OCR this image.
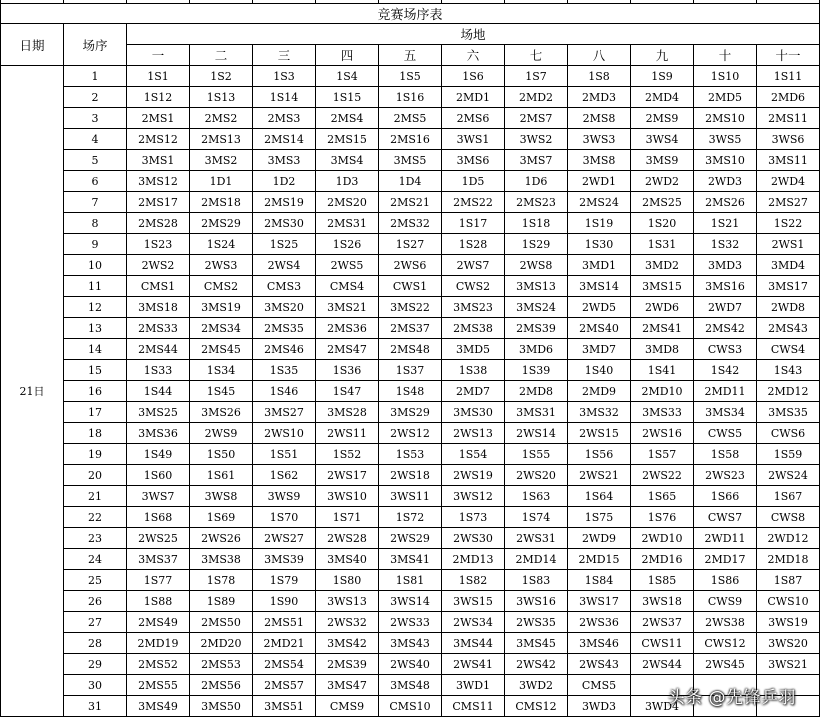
竞赛场序表												
日期	场序	场地										
		一	二	三	四	五	六	七	八	九	十	十一
21日	1	1S1	1S2	1S3	1S4	1S5	1S6	1S7	1S8	1S9	1S10	1S11
	2	1S12	1S13	1S14	1S15	1S16	2MD1	2MD2	2MD3	2MD4	2MD5	2MD6
	3	2MS1	2MS2	2MS3	2MS4	2MS5	2MS6	2MS7	2MS8	2MS9	2MS10	2MS11
	4	2MS12	2MS13	2MS14	2MS15	2MS16	3WS1	3WS2	3WS3	3WS4	3WS5	3WS6
	5	3MS1	3MS2	3MS3	3MS4	3MS5	3MS6	3MS7	3MS8	3MS9	3MS10	3MS11
	6	3MS12	1D1	1D2	1D3	1D4	1D5	1D6	2WD1	2WD2	2WD3	2WD4
	7	2MS17	2MS18	2MS19	2MS20	2MS21	2MS22	2MS23	2MS24	2MS25	2MS26	2MS27
	8	2MS28	2MS29	2MS30	2MS31	2MS32	1S17	1S18	1S19	1S20	1S21	1S22
	9	1S23	1S24	1S25	1S26	1S27	1S28	1S29	1S30	1S31	1S32	2WS1
	10	2WS2	2WS3	2WS4	2WS5	2WS6	2WS7	2WS8	3MD1	3MD2	3MD3	3MD4
	11	CMS1	CMS2	CMS3	CMS4	CWS1	CWS2	3MS13	3MS14	3MS15	3MS16	3MS17
	12	3MS18	3MS19	3MS20	3MS21	3MS22	3MS23	3MS24	2WD5	2WD6	2WD7	2WD8
	13	2MS33	2MS34	2MS35	2MS36	2MS37	2MS38	2MS39	2MS40	2MS41	2MS42	2MS43
	14	2MS44	2MS45	2MS46	2MS47	2MS48	3MD5	3MD6	3MD7	3MD8	CWS3	CWS4
	15	1S33	1S34	1S35	1S36	1S37	1S38	1S39	1S40	1S41	1S42	1S43
	16	1S44	1S45	1S46	1S47	1S48	2MD7	2MD8	2MD9	2MD10	2MD11	2MD12
	17	3MS25	3MS26	3MS27	3MS28	3MS29	3MS30	3MS31	3MS32	3MS33	3MS34	3MS35
	18	3MS36	2WS9	2WS10	2WS11	2WS12	2WS13	2WS14	2WS15	2WS16	CWS5	CWS6
	19	1S49	1S50	1S51	1S52	1S53	1S54	1S55	1S56	1S57	1S58	1S59
	20	1S60	1S61	1S62	2WS17	2WS18	2WS19	2WS20	2WS21	2WS22	2WS23	2WS24
	21	3WS7	3WS8	3WS9	3WS10	3WS11	3WS12	1S63	1S64	1S65	1S66	1S67
	22	1S68	1S69	1S70	1S71	1S72	1S73	1S74	1S75	1S76	CWS7	CWS8
	23	2WS25	2WS26	2WS27	2WS28	2WS29	2WS30	2WS31	2WD9	2WD10	2WD11	2WD12
	24	3MS37	3MS38	3MS39	3MS40	3MS41	2MD13	2MD14	2MD15	2MD16	2MD17	2MD18
	25	1S77	1S78	1S79	1S80	1S81	1S82	1S83	1S84	1S85	1S86	1S87
	26	1S88	1S89	1S90	3WS13	3WS14	3WS15	3WS16	3WS17	3WS18	CWS9	CWS10
	27	2MS49	2MS50	2MS51	2WS32	2WS33	2WS34	2WS35	2WS36	2WS37	2WS38	3WS19
	28	2MD19	2MD20	2MD21	3MS42	3MS43	3MS44	3MS45	3MS46	CWS11	CWS12	3WS20
	29	2MS52	2MS53	2MS54	2MS39	2WS40	2WS41	2WS42	2WS43	2WS44	2WS45	3WS21
	30	2MS55	2MS56	2MS57	3MS47	3MS48	3WD1	3WD2	CMS5			
	31	3MS49	3MS50	3MS51	CMS9	CMS10	CMS11	CMS12	3WD3	3WD4		
头条 @先锋乒羽
